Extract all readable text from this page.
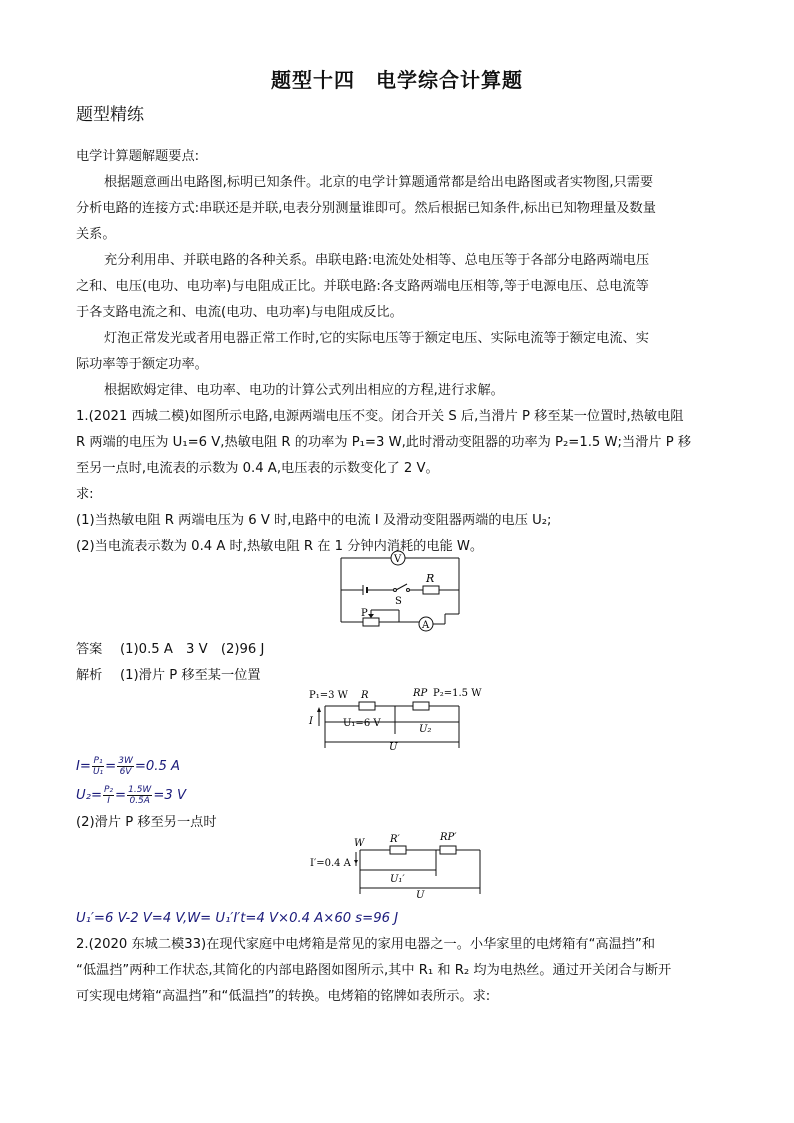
题型十四　电学综合计算题
题型精练
电学计算题解题要点:
根据题意画出电路图,标明已知条件。北京的电学计算题通常都是给出电路图或者实物图,只需要
分析电路的连接方式:串联还是并联,电表分别测量谁即可。然后根据已知条件,标出已知物理量及数量
关系。
充分利用串、并联电路的各种关系。串联电路:电流处处相等、总电压等于各部分电路两端电压
之和、电压(电功、电功率)与电阻成正比。并联电路:各支路两端电压相等,等于电源电压、总电流等
于各支路电流之和、电流(电功、电功率)与电阻成反比。
灯泡正常发光或者用电器正常工作时,它的实际电压等于额定电压、实际电流等于额定电流、实
际功率等于额定功率。
根据欧姆定律、电功率、电功的计算公式列出相应的方程,进行求解。
1.(2021 西城二模)如图所示电路,电源两端电压不变。闭合开关 S 后,当滑片 P 移至某一位置时,热敏电阻
R 两端的电压为 U₁=6 V,热敏电阻 R 的功率为 P₁=3 W,此时滑动变阻器的功率为 P₂=1.5 W;当滑片 P 移
至另一点时,电流表的示数为 0.4 A,电压表的示数变化了 2 V。
求:
(1)当热敏电阻 R 两端电压为 6 V 时,电路中的电流 I 及滑动变阻器两端的电压 U₂;
(2)当电流表示数为 0.4 A 时,热敏电阻 R 在 1 分钟内消耗的电能 W。
V
R
S
P
A
答案 (1)0.5 A　3 V　(2)96 J
解析 (1)滑片 P 移至某一位置
P₁=3 W R	RP P₂=1.5 W
I	U₁=6 V
U₂
U
$I= \frac{\text{P₁}}{\text{U₁}} = \frac{3W}{6V} =0.5$ A
$U_2= \frac{\text{P₂}}{I} = \frac{1.5W}{0.5A} =3$ V
(2)滑片 P 移至另一点时
W	R′	RP′
I′=0.4 A
U₁′
U
U₁′=6 V-2 V=4 V,W= U₁′I′t=4 V×0.4 A×60 s=96 J
2.(2020 东城二模33)在现代家庭中电烤箱是常见的家用电器之一。小华家里的电烤箱有“高温挡”和
“低温挡”两种工作状态,其简化的内部电路图如图所示,其中 R₁ 和 R₂ 均为电热丝。通过开关闭合与断开
可实现电烤箱“高温挡”和“低温挡”的转换。电烤箱的铭牌如表所示。求:
